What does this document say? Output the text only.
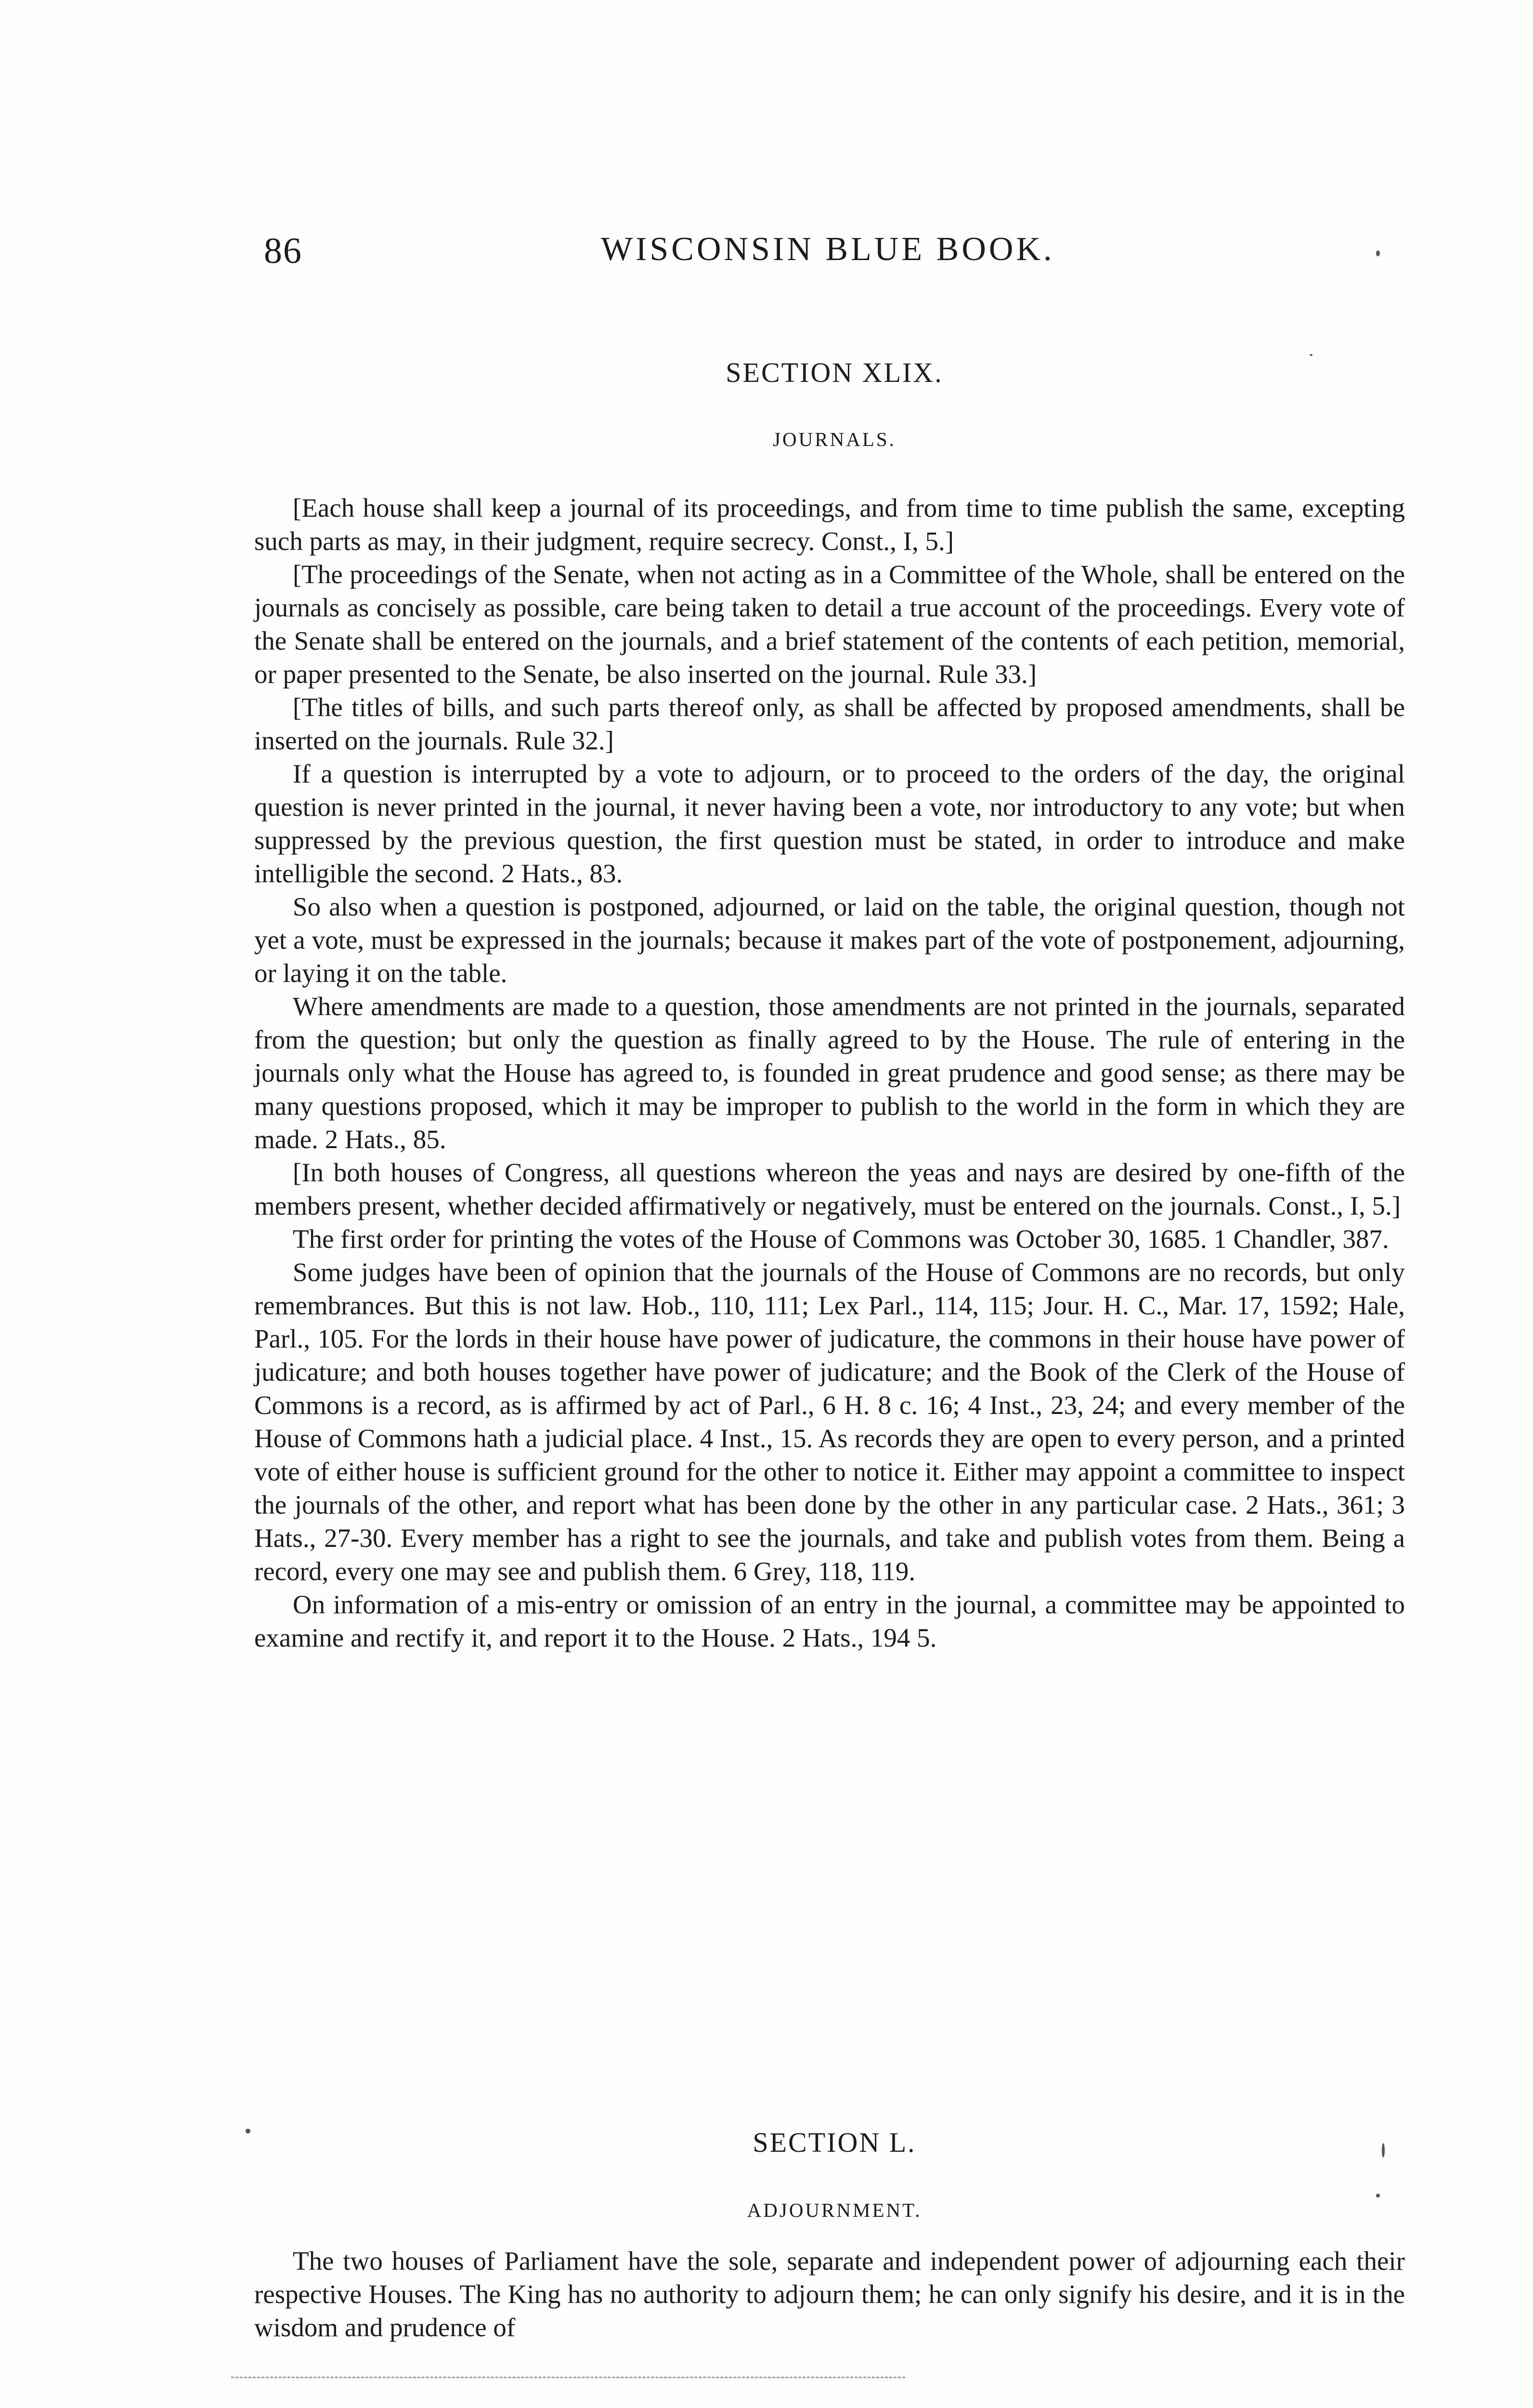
86	WISCONSIN BLUE BOOK.
SECTION XLIX.
JOURNALS.

[Each house shall keep a journal of its proceedings, and from time to time publish the same, excepting such parts as may, in their judgment, require secrecy. Const., I, 5.]

[The proceedings of the Senate, when not acting as in a Committee of the Whole, shall be entered on the journals as concisely as possible, care being taken to detail a true account of the proceedings. Every vote of the Senate shall be entered on the journals, and a brief statement of the contents of each petition, memorial, or paper presented to the Senate, be also inserted on the journal. Rule 33.]

[The titles of bills, and such parts thereof only, as shall be affected by proposed amendments, shall be inserted on the journals. Rule 32.]

If a question is interrupted by a vote to adjourn, or to proceed to the orders of the day, the original question is never printed in the journal, it never having been a vote, nor introductory to any vote; but when suppressed by the previous question, the first question must be stated, in order to introduce and make intelligible the second. 2 Hats., 83.

So also when a question is postponed, adjourned, or laid on the table, the original question, though not yet a vote, must be expressed in the journals; because it makes part of the vote of postponement, adjourning, or laying it on the table.

Where amendments are made to a question, those amendments are not printed in the journals, separated from the question; but only the question as finally agreed to by the House. The rule of entering in the journals only what the House has agreed to, is founded in great prudence and good sense; as there may be many questions proposed, which it may be improper to publish to the world in the form in which they are made. 2 Hats., 85.

[In both houses of Congress, all questions whereon the yeas and nays are desired by one-fifth of the members present, whether decided affirmatively or negatively, must be entered on the journals. Const., I, 5.]

The first order for printing the votes of the House of Commons was October 30, 1685. 1 Chandler, 387.

Some judges have been of opinion that the journals of the House of Commons are no records, but only remembrances. But this is not law. Hob., 110, 111; Lex Parl., 114, 115; Jour. H. C., Mar. 17, 1592; Hale, Parl., 105. For the lords in their house have power of judicature, the commons in their house have power of judicature; and both houses together have power of judicature; and the Book of the Clerk of the House of Commons is a record, as is affirmed by act of Parl., 6 H. 8 c. 16; 4 Inst., 23, 24; and every member of the House of Commons hath a judicial place. 4 Inst., 15. As records they are open to every person, and a printed vote of either house is sufficient ground for the other to notice it. Either may appoint a committee to inspect the journals of the other, and report what has been done by the other in any particular case. 2 Hats., 361; 3 Hats., 27-30. Every member has a right to see the journals, and take and publish votes from them. Being a record, every one may see and publish them. 6 Grey, 118, 119.

On information of a mis-entry or omission of an entry in the journal, a committee may be appointed to examine and rectify it, and report it to the House. 2 Hats., 194 5.

SECTION L.
ADJOURNMENT.

The two houses of Parliament have the sole, separate and independent power of adjourning each their respective Houses. The King has no authority to adjourn them; he can only signify his desire, and it is in the wisdom and prudence of
